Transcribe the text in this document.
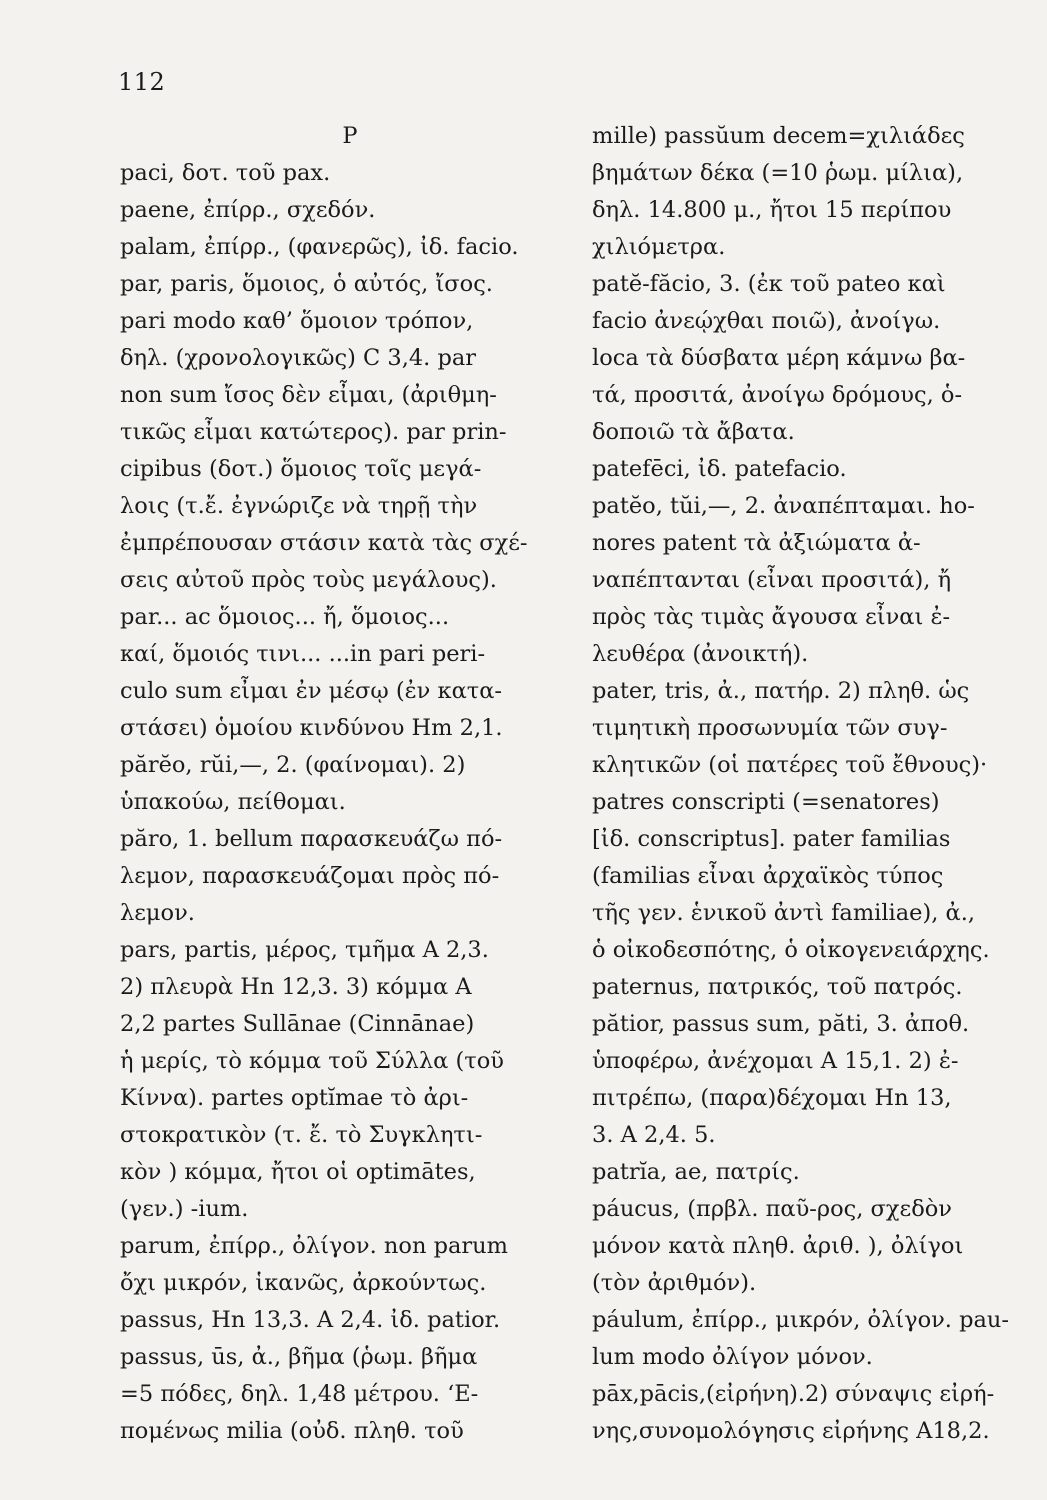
112
P
paci, δοτ. τοῦ pax.
paene, ἐπίρρ., σχεδόν.
palam, ἐπίρρ., (φανερῶς), ἰδ. facio.
par, paris, ὅμοιος, ὁ αὐτός, ἴσος.
pari modo καθ’ ὅμοιον τρόπον,
δηλ. (χρονολογικῶς) C 3,4. par
non sum ἴσος δὲν εἶμαι, (ἀριθμη-
τικῶς εἶμαι κατώτερος). par prin-
cipibus (δοτ.) ὅμοιος τοῖς μεγά-
λοις (τ.ἔ. ἐγνώριζε νὰ τηρῇ τὴν
ἐμπρέπουσαν στάσιν κατὰ τὰς σχέ-
σεις αὐτοῦ πρὸς τοὺς μεγάλους).
par... ac ὅμοιος... ἤ, ὅμοιος...
καί, ὅμοιός τινι... ...in pari peri-
culo sum εἶμαι ἐν μέσῳ (ἐν κατα-
στάσει) ὁμοίου κινδύνου Hm 2,1.
părĕo, rŭi,—, 2. (φαίνομαι). 2)
ὑπακούω, πείθομαι.
păro, 1. bellum παρασκευάζω πό-
λεμον, παρασκευάζομαι πρὸς πό-
λεμον.
pars, partis, μέρος, τμῆμα A 2,3.
2) πλευρὰ Hn 12,3. 3) κόμμα A
2,2 partes Sullānae (Cinnānae)
ἡ μερίς, τὸ κόμμα τοῦ Σύλλα (τοῦ
Κίννα). partes optĭmae τὸ ἀρι-
στοκρατικὸν (τ. ἔ. τὸ Συγκλητι-
κὸν ) κόμμα, ἤτοι οἱ optimātes,
(γεν.) -ium.
parum, ἐπίρρ., ὀλίγον. non parum
ὄχι μικρόν, ἱκανῶς, ἀρκούντως.
passus, Hn 13,3. A 2,4. ἰδ. patior.
passus, ūs, ἀ., βῆμα (ῥωμ. βῆμα
=5 πόδες, δηλ. 1,48 μέτρου. ‘Ε-
πομένως milia (οὐδ. πληθ. τοῦ
mille) passŭum decem=χιλιάδες
βημάτων δέκα (=10 ῥωμ. μίλια),
δηλ. 14.800 μ., ἤτοι 15 περίπου
χιλιόμετρα.
patĕ-făcio, 3. (ἐκ τοῦ pateo καὶ
facio ἀνεῴχθαι ποιῶ), ἀνοίγω.
loca τὰ δύσβατα μέρη κάμνω βα-
τά, προσιτά, ἀνοίγω δρόμους, ὁ-
δοποιῶ τὰ ἄβατα.
patefēci, ἰδ. patefacio.
patĕo, tŭi,—, 2. ἀναπέπταμαι. ho-
nores patent τὰ ἀξιώματα ἀ-
ναπέπτανται (εἶναι προσιτά), ἤ
πρὸς τὰς τιμὰς ἄγουσα εἶναι ἐ-
λευθέρα (ἀνοικτή).
pater, tris, ἀ., πατήρ. 2) πληθ. ὡς
τιμητικὴ προσωνυμία τῶν συγ-
κλητικῶν (οἱ πατέρες τοῦ ἔθνους)·
patres conscripti (=senatores)
[ἰδ. conscriptus]. pater familias
(familias εἶναι ἀρχαϊκὸς τύπος
τῆς γεν. ἑνικοῦ ἀντὶ familiae), ἀ.,
ὁ οἰκοδεσπότης, ὁ οἰκογενειάρχης.
paternus, πατρικός, τοῦ πατρός.
pătior, passus sum, păti, 3. ἀποθ.
ὑποφέρω, ἀνέχομαι A 15,1. 2) ἐ-
πιτρέπω, (παρα)δέχομαι Hn 13,
3. A 2,4. 5.
patrĭa, ae, πατρίς.
páucus, (πρβλ. παῦ-ρος, σχεδὸν
μόνον κατὰ πληθ. ἀριθ. ), ὀλίγοι
(τὸν ἀριθμόν).
páulum, ἐπίρρ., μικρόν, ὀλίγον. pau-
lum modo ὀλίγον μόνον.
pāx,pācis,(εἰρήνη).2) σύναψις εἰρή-
νης,συνομολόγησις εἰρήνης A18,2.
